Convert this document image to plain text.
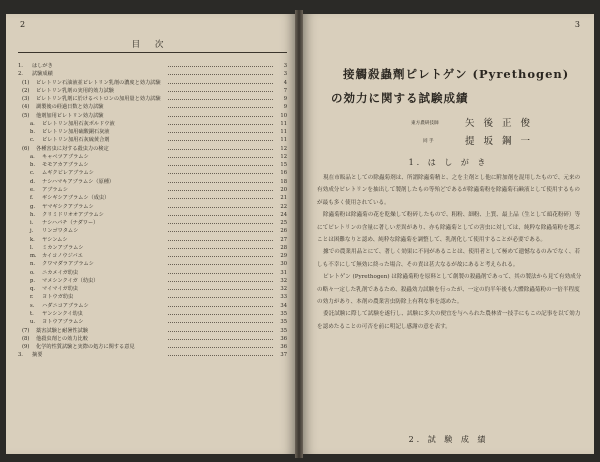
2
目 次
1. はしがき	3
2. 試験成績	3
(1) ピレトリン石油液並ピレトリン乳剤の濃度と効力試験	4
(2) ピレトリン乳剤の実用的効力試験	7
(3) ピレトリン乳剤に於けるペトロンの加用量と効力試験	9
(4) 調製後の経過日数と効力試験	9
(5) 他剤加用ピレトリン効力試験	10
a. ピレトリン加用石灰ボルドウ液	11
b. ピレトリン加用硫酸銅石灰液	11
c. ピレトリン加用石灰硫黄合剤	11
(6) 各種害虫に対する殺虫力の検定	12
a. キャベツアブラムシ	12
b. モモアカアブラムシ	15
c. ムギクビレアブラムシ	16
d. ナシハマキアブラムシ（原種）	18
e. アブラムシ	20
f. ギシギシアブラムシ（成虫）	21
g. ヤマギシクアブラムシ	22
h. クリミドリオオアブラムシ	24
i. ナシハバチ（ナダワー）	25
j. リンゴワタムシ	26
k. ヤシンムシ	27
l. ミカンアブラムシ	28
m. カイコノウジバエ	29
n. クワマダラアブラムシ	30
o. ニカメイガ幼虫	31
p. マメシンクイガ（幼虫）	32
q. マイマイガ幼虫	32
r. ヨトウガ幼虫	33
s. ハダニコアブラムシ	34
t. ヤンシンクイ幼虫	35
u. ヨトウアブラムシ	35
(7) 薬害試験と耐暑性試験	35
(8) 他殺虫剤との効力比較	36
(9) 化学的性質試験と実際の処方に関する意見	36
3. 摘要	37
3
接觸殺蟲劑ピレトゲン (Pyrethogen)
の効力に関する試験成績
東方農研技師	矢 後 正 俊
同 手	提 坂 鋼 一
1. は し が き

現在市販品としての除蟲菊剤は、所謂除蟲菊精と、之を主剤とし他に附加剤を混用したもので、元来の有効成分ピレトリンを抽出して製剤したもの等殆どであるが除蟲菊粉を除蟲菊石鹸液として使用するものが最も多く使用されている。

除蟲菊粉は除蟲菊の花を乾燥して粉碎したもので、粗粉、細粉、上質、最上品（生として頭花粉碎）等にてピレトリンの含量に著しい差異があり、亦も除蟲菊としての害虫に対しては、純粋な除蟲菊粉を選ぶことは困難なりと認め、純粋な除蟲菊を調整して、乳剤化して使用することが必要である。

據での農業用品とにて、著しく効果に不同があることは、使用者として極めて遺憾なるのみでなく、若しも不幸にして無効に終った場合、その責は甚大なるが故にあると考えられる。

ピレトゲン (Pyrethogen) は除蟲菊粉を原料として創製の殺蟲剤であって、其の製法から見て有効成分の略々一定した乳剤であるため、殺蟲効力試験を行ったが、一定の約半年後も大體除蟲菊粉の一倍半程度の効力があり、本剤の農業害虫防除上有利な事を認めた。

委託試験に際して試験を遂行し、試験に多大の便宜を与へられた農林省一技手にもこの記事を以て効力を認めたることの可否を前に明記し感謝の意を表す。

2. 試 験 成 績
